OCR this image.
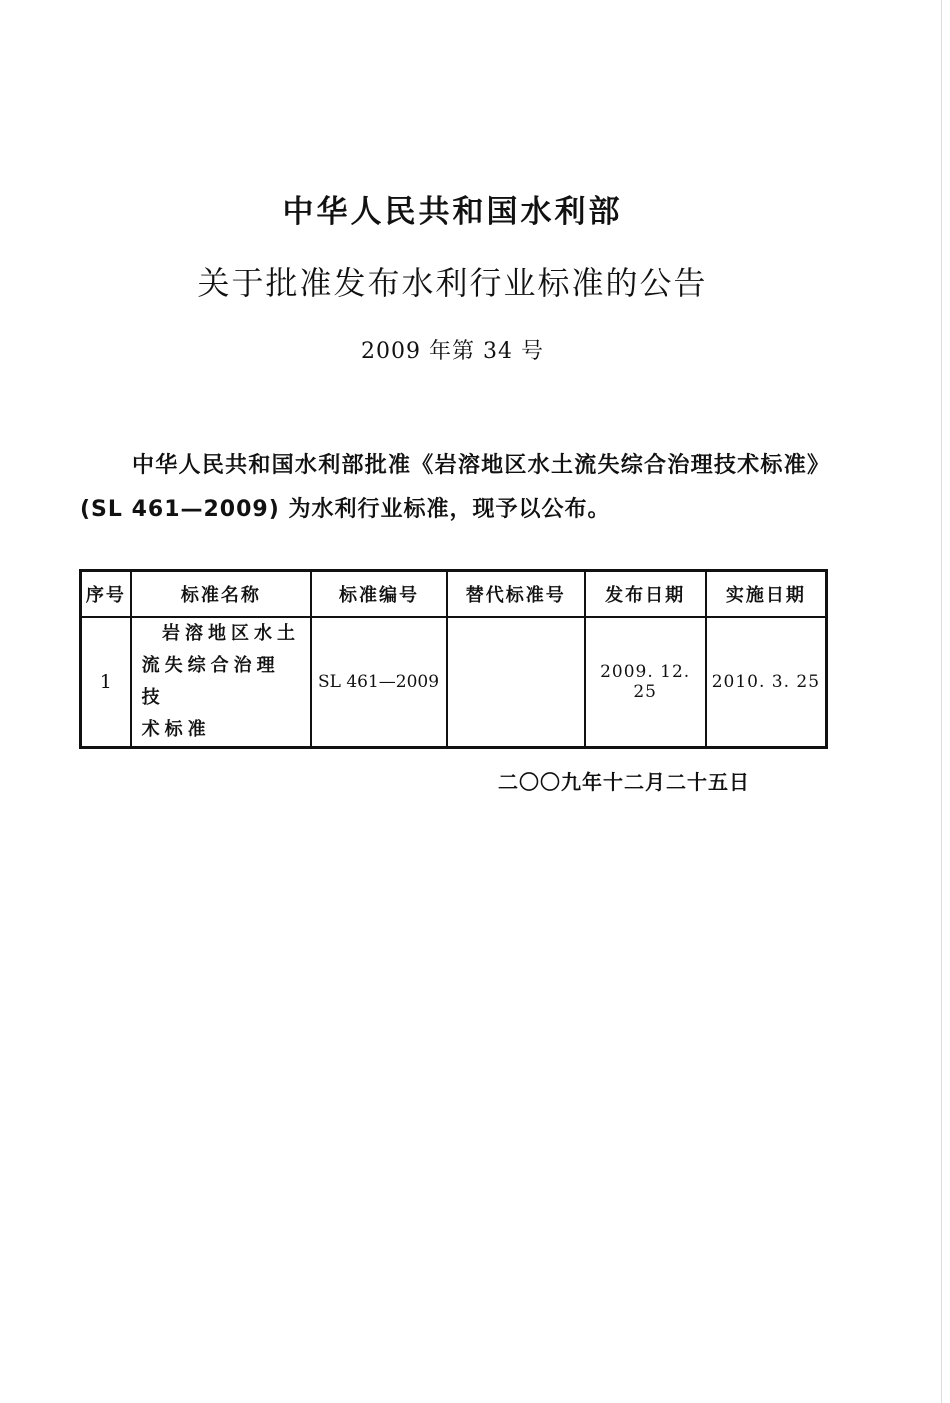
中华人民共和国水利部
关于批准发布水利行业标准的公告
2009 年第 34 号
中华人民共和国水利部批准《岩溶地区水土流失综合治理技术标准》(SL 461—2009) 为水利行业标准，现予以公布。
序号	标准名称	标准编号	替代标准号	发布日期	实施日期
1	岩溶地区水土
流失综合治理技
术标准	SL 461—2009		2009. 12. 25	2010. 3. 25
二〇〇九年十二月二十五日
